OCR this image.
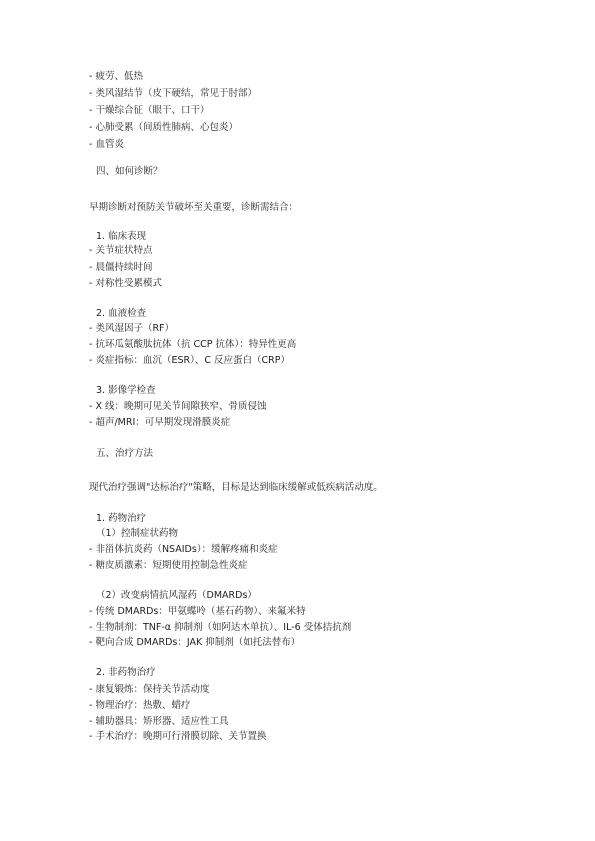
- 疲劳、低热
- 类风湿结节（皮下硬结，常见于肘部）
- 干燥综合征（眼干、口干）
- 心肺受累（间质性肺病、心包炎）
- 血管炎
四、如何诊断？
早期诊断对预防关节破坏至关重要，诊断需结合：
1. 临床表现
- 关节症状特点
- 晨僵持续时间
- 对称性受累模式
2. 血液检查
- 类风湿因子（RF）
- 抗环瓜氨酸肽抗体（抗 CCP 抗体）：特异性更高
- 炎症指标：血沉（ESR）、C 反应蛋白（CRP）
3. 影像学检查
- X 线：晚期可见关节间隙狭窄、骨质侵蚀
- 超声/MRI：可早期发现滑膜炎症
五、治疗方法
现代治疗强调"达标治疗"策略，目标是达到临床缓解或低疾病活动度。
1. 药物治疗
（1）控制症状药物
- 非甾体抗炎药（NSAIDs）：缓解疼痛和炎症
- 糖皮质激素：短期使用控制急性炎症
（2）改变病情抗风湿药（DMARDs）
- 传统 DMARDs：甲氨蝶呤（基石药物）、来氟米特
- 生物制剂：TNF-α 抑制剂（如阿达木单抗）、IL-6 受体拮抗剂
- 靶向合成 DMARDs：JAK 抑制剂（如托法替布）
2. 非药物治疗
- 康复锻炼：保持关节活动度
- 物理治疗：热敷、蜡疗
- 辅助器具：矫形器、适应性工具
- 手术治疗：晚期可行滑膜切除、关节置换
